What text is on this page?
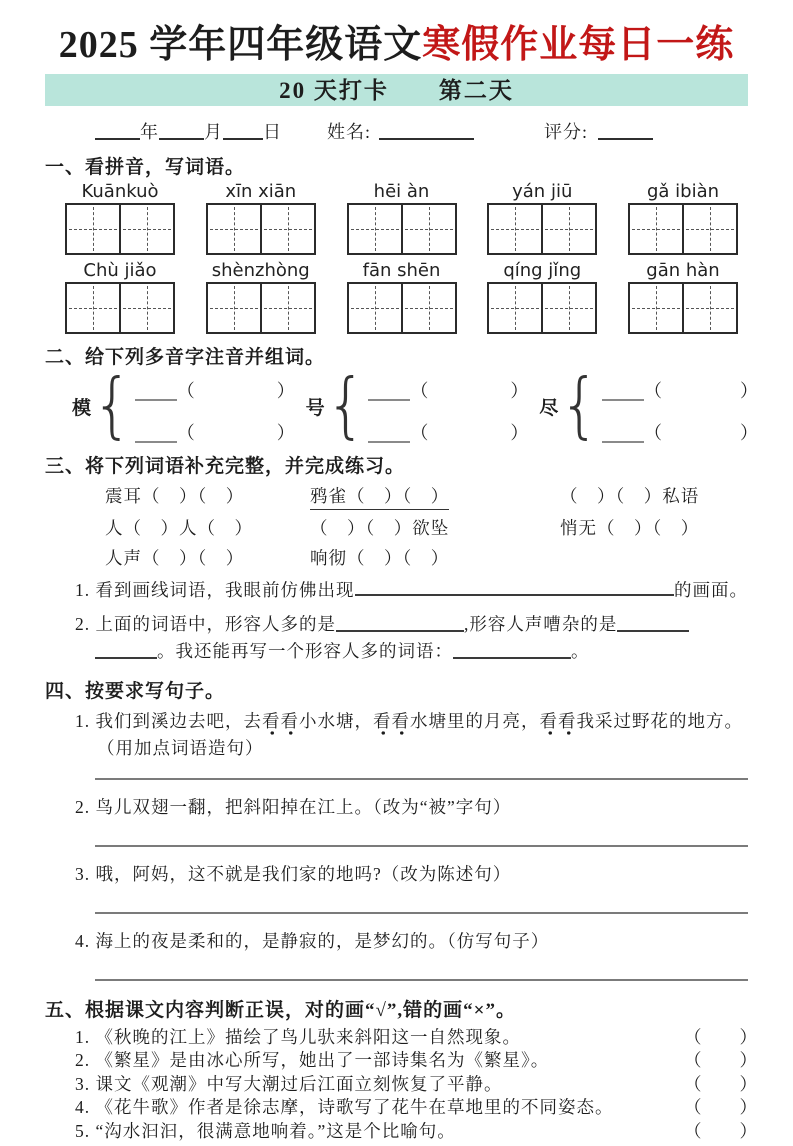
2025 学年四年级语文寒假作业每日一练
20 天打卡　　第二天
年	月 日	姓名:	评分:
一、看拼音，写词语。
Kuānkuò	xīn xiān	hēi àn	yán jiū	gǎ ibiàn
Chù jiǎo	shènzhòng	fān shēn	qíng jǐng	gān hàn
二、给下列多音字注音并组词。
模 { （	）
（	）
号 { （	）
（	）
尽 { （	）
（	）
三、将下列词语补充完整，并完成练习。
震耳（　）（　）	鸦雀（　）（　）	（　）（　）私语
人（　）人（　）	（　）（　）欲坠	悄无（　）（　）
人声（　）（　）	响彻（　）（　）
1. 看到画线词语，我眼前仿佛出现	的画面。
2. 上面的词语中，形容人多的是	,形容人声嘈杂的是
。我还能再写一个形容人多的词语：	。
四、按要求写句子。
1. 我们到溪边去吧，去看看小水塘，看看水塘里的月亮，看看我采过野花的地方。（用加点词语造句）
2. 鸟儿双翅一翻，把斜阳掉在江上。（改为“被”字句）
3. 哦，阿妈，这不就是我们家的地吗?（改为陈述句）
4. 海上的夜是柔和的，是静寂的，是梦幻的。（仿写句子）
五、根据课文内容判断正误，对的画“√”,错的画“×”。
1. 《秋晚的江上》描绘了鸟儿驮来斜阳这一自然现象。	（　　）
2. 《繁星》是由冰心所写，她出了一部诗集名为《繁星》。	（　　）
3. 课文《观潮》中写大潮过后江面立刻恢复了平静。	（　　）
4. 《花牛歌》作者是徐志摩，诗歌写了花牛在草地里的不同姿态。	（　　）
5. “沟水汩汩，很满意地响着。”这是个比喻句。	（　　）
